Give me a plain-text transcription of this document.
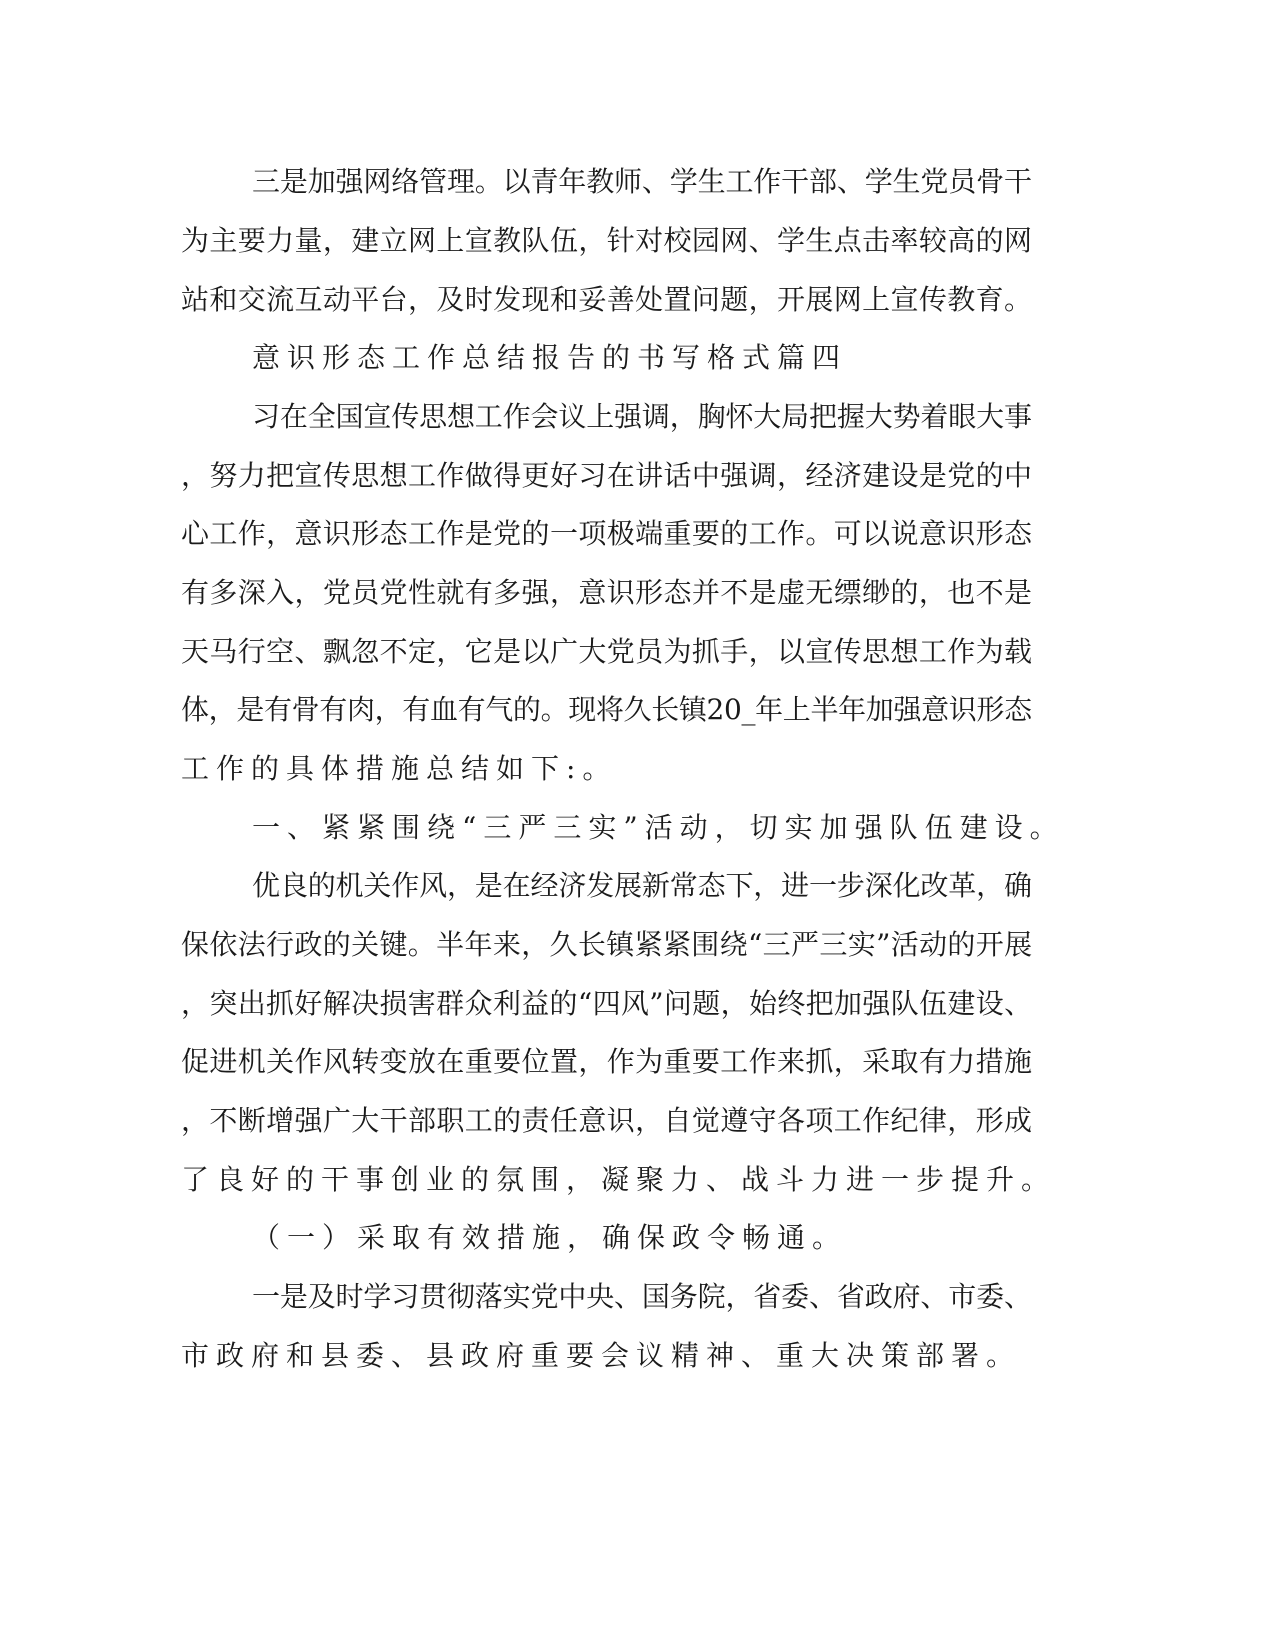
三是加强网络管理。以青年教师、学生工作干部、学生党员骨干

为主要力量，建立网上宣教队伍，针对校园网、学生点击率较高的网

站和交流互动平台，及时发现和妥善处置问题，开展网上宣传教育。

意识形态工作总结报告的书写格式篇四

习在全国宣传思想工作会议上强调，胸怀大局把握大势着眼大事

，努力把宣传思想工作做得更好习在讲话中强调，经济建设是党的中

心工作，意识形态工作是党的一项极端重要的工作。可以说意识形态

有多深入，党员党性就有多强，意识形态并不是虚无缥缈的，也不是

天马行空、飘忽不定，它是以广大党员为抓手，以宣传思想工作为载

体，是有骨有肉，有血有气的。现将久长镇20_年上半年加强意识形态

工作的具体措施总结如下:。

一、紧紧围绕“三严三实”活动，切实加强队伍建设。

优良的机关作风，是在经济发展新常态下，进一步深化改革，确

保依法行政的关键。半年来，久长镇紧紧围绕“三严三实”活动的开展

，突出抓好解决损害群众利益的“四风”问题，始终把加强队伍建设、

促进机关作风转变放在重要位置，作为重要工作来抓，采取有力措施

，不断增强广大干部职工的责任意识，自觉遵守各项工作纪律，形成

了良好的干事创业的氛围，凝聚力、战斗力进一步提升。

（一）采取有效措施，确保政令畅通。

一是及时学习贯彻落实党中央、国务院，省委、省政府、市委、

市政府和县委、县政府重要会议精神、重大决策部署。
